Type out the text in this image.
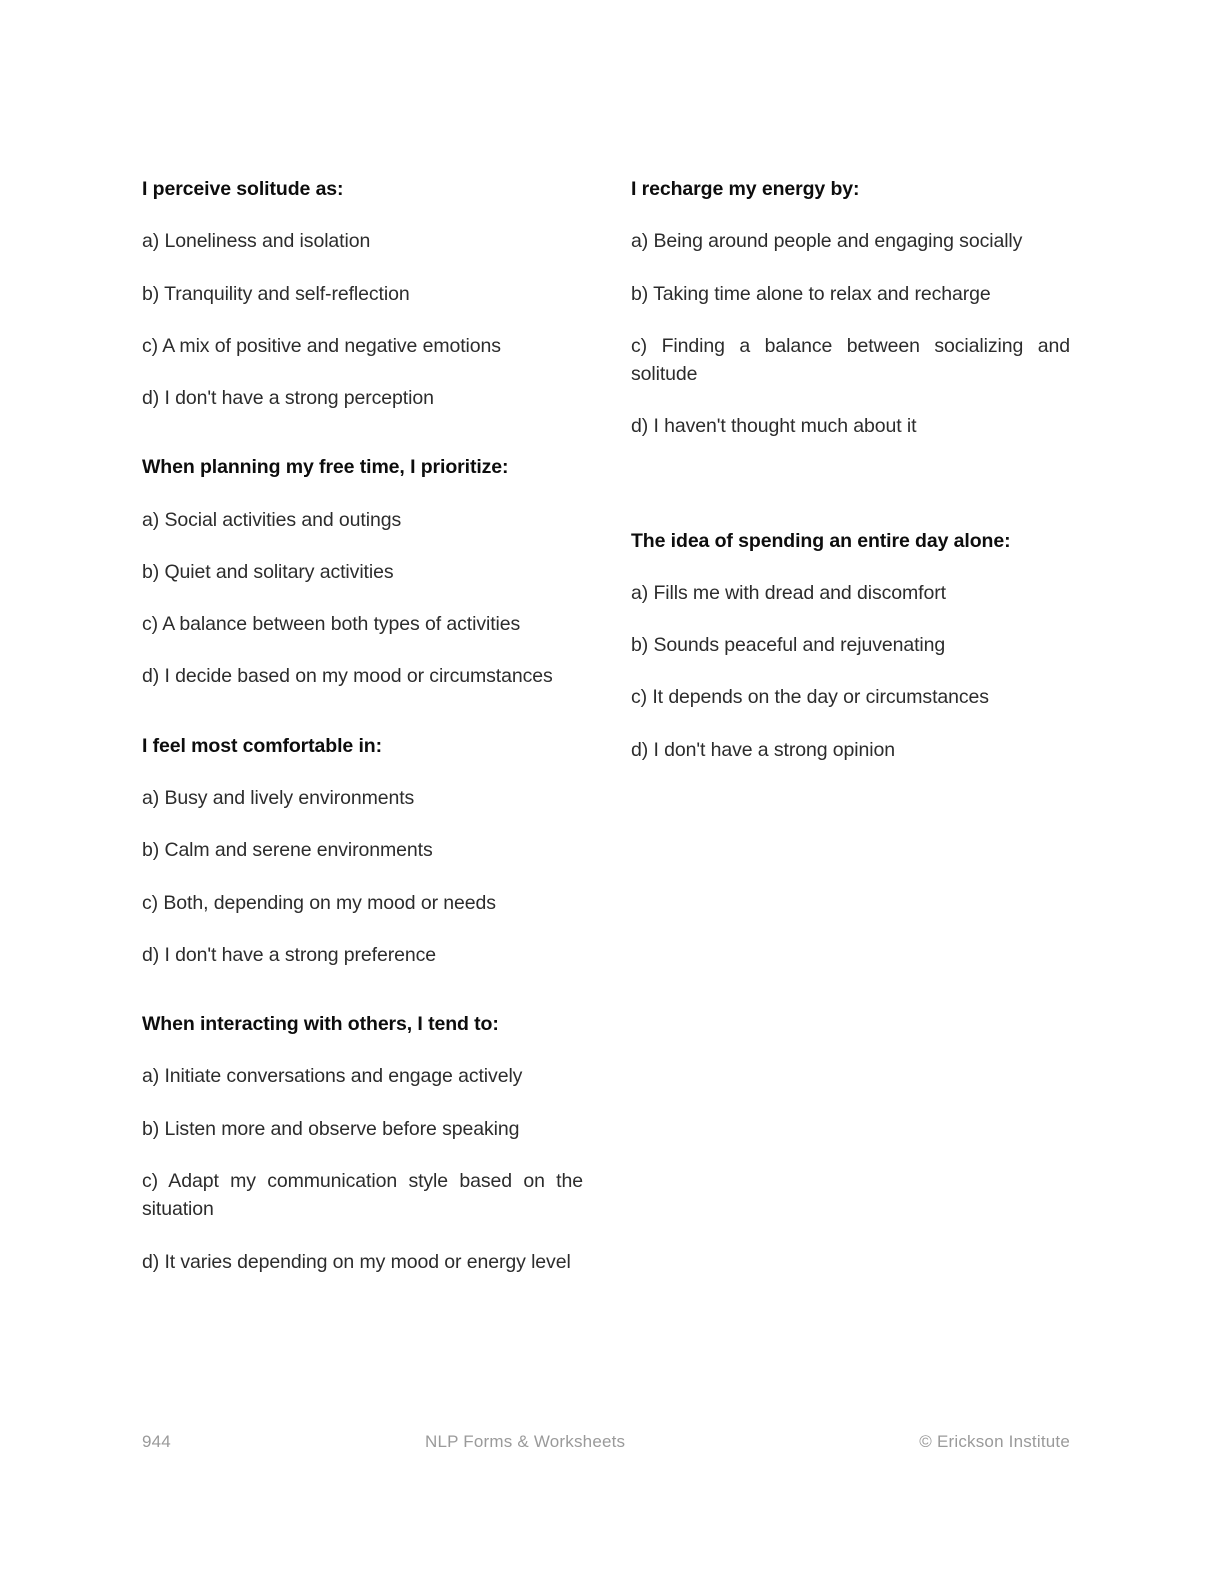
I perceive solitude as:

a) Loneliness and isolation

b) Tranquility and self-reflection

c) A mix of positive and negative emotions

d) I don't have a strong perception

When planning my free time, I prioritize:

a) Social activities and outings

b) Quiet and solitary activities

c) A balance between both types of activities

d) I decide based on my mood or circumstances

I feel most comfortable in:

a) Busy and lively environments

b) Calm and serene environments

c) Both, depending on my mood or needs

d) I don't have a strong preference

When interacting with others, I tend to:

a) Initiate conversations and engage actively

b) Listen more and observe before speaking

c) Adapt my communication style based on the situation

d) It varies depending on my mood or energy level

I recharge my energy by:

a) Being around people and engaging socially

b) Taking time alone to relax and recharge

c) Finding a balance between socializing and solitude

d) I haven't thought much about it

The idea of spending an entire day alone:

a) Fills me with dread and discomfort

b) Sounds peaceful and rejuvenating

c) It depends on the day or circumstances

d) I don't have a strong opinion

944	NLP Forms & Worksheets	© Erickson Institute
